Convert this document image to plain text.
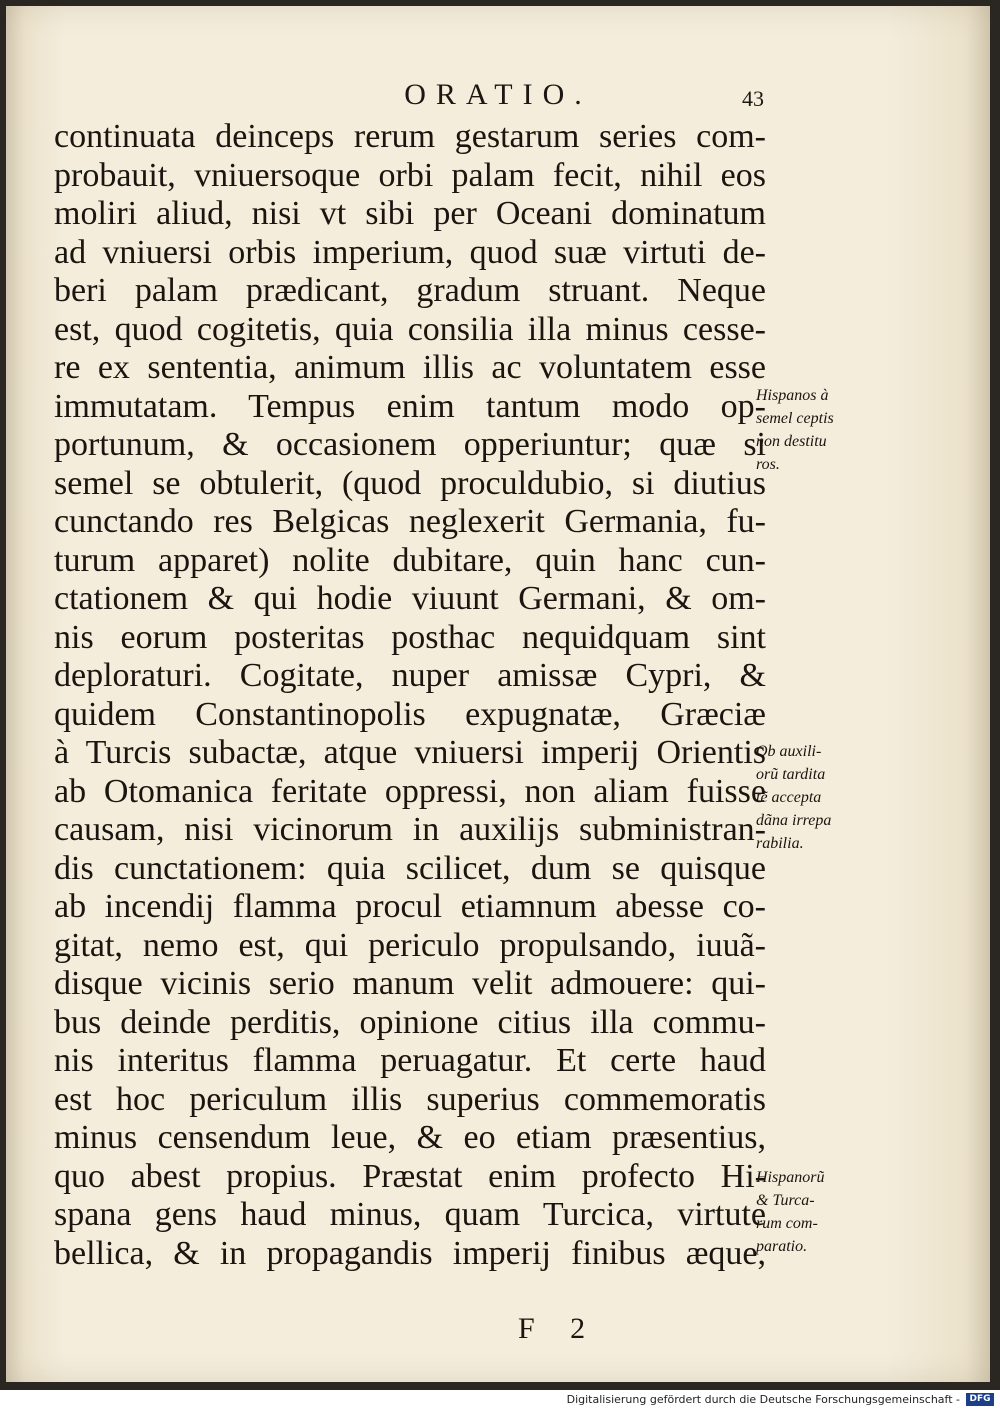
ORATIO.	43
continuata deinceps rerum gestarum series com-
probauit, vniuersoque orbi palam fecit, nihil eos
moliri aliud, nisi vt sibi per Oceani dominatum
ad vniuersi orbis imperium, quod suæ virtuti de-
beri palam prædicant, gradum struant. Neque
est, quod cogitetis, quia consilia illa minus cesse-
re ex sententia, animum illis ac voluntatem esse
immutatam. Tempus enim tantum modo op-
portunum, & occasionem opperiuntur; quæ si
semel se obtulerit, (quod proculdubio, si diutius
cunctando res Belgicas neglexerit Germania, fu-
turum apparet) nolite dubitare, quin hanc cun-
ctationem & qui hodie viuunt Germani, & om-
nis eorum posteritas posthac nequidquam sint
deploraturi. Cogitate, nuper amissæ Cypri, &
quidem Constantinopolis expugnatæ, Græciæ
à Turcis subactæ, atque vniuersi imperij Orientis
ab Otomanica feritate oppressi, non aliam fuisse
causam, nisi vicinorum in auxilijs subministran-
dis cunctationem: quia scilicet, dum se quisque
ab incendij flamma procul etiamnum abesse co-
gitat, nemo est, qui periculo propulsando, iuuã-
disque vicinis serio manum velit admouere: qui-
bus deinde perditis, opinione citius illa commu-
nis interitus flamma peruagatur. Et certe haud
est hoc periculum illis superius commemoratis
minus censendum leue, & eo etiam præsentius,
quo abest propius. Præstat enim profecto Hi-
spana gens haud minus, quam Turcica, virtute
bellica, & in propagandis imperij finibus æque,
Hispanos à
semel ceptis
non destitu
ros.
Ob auxili-
orũ tardita
tẽ accepta
dãna irrepa
rabilia.
Hispanorũ
& Turca-
rum com-
paratio.
F 2
Digitalisierung gefördert durch die Deutsche Forschungsgemeinschaft -	DFG
